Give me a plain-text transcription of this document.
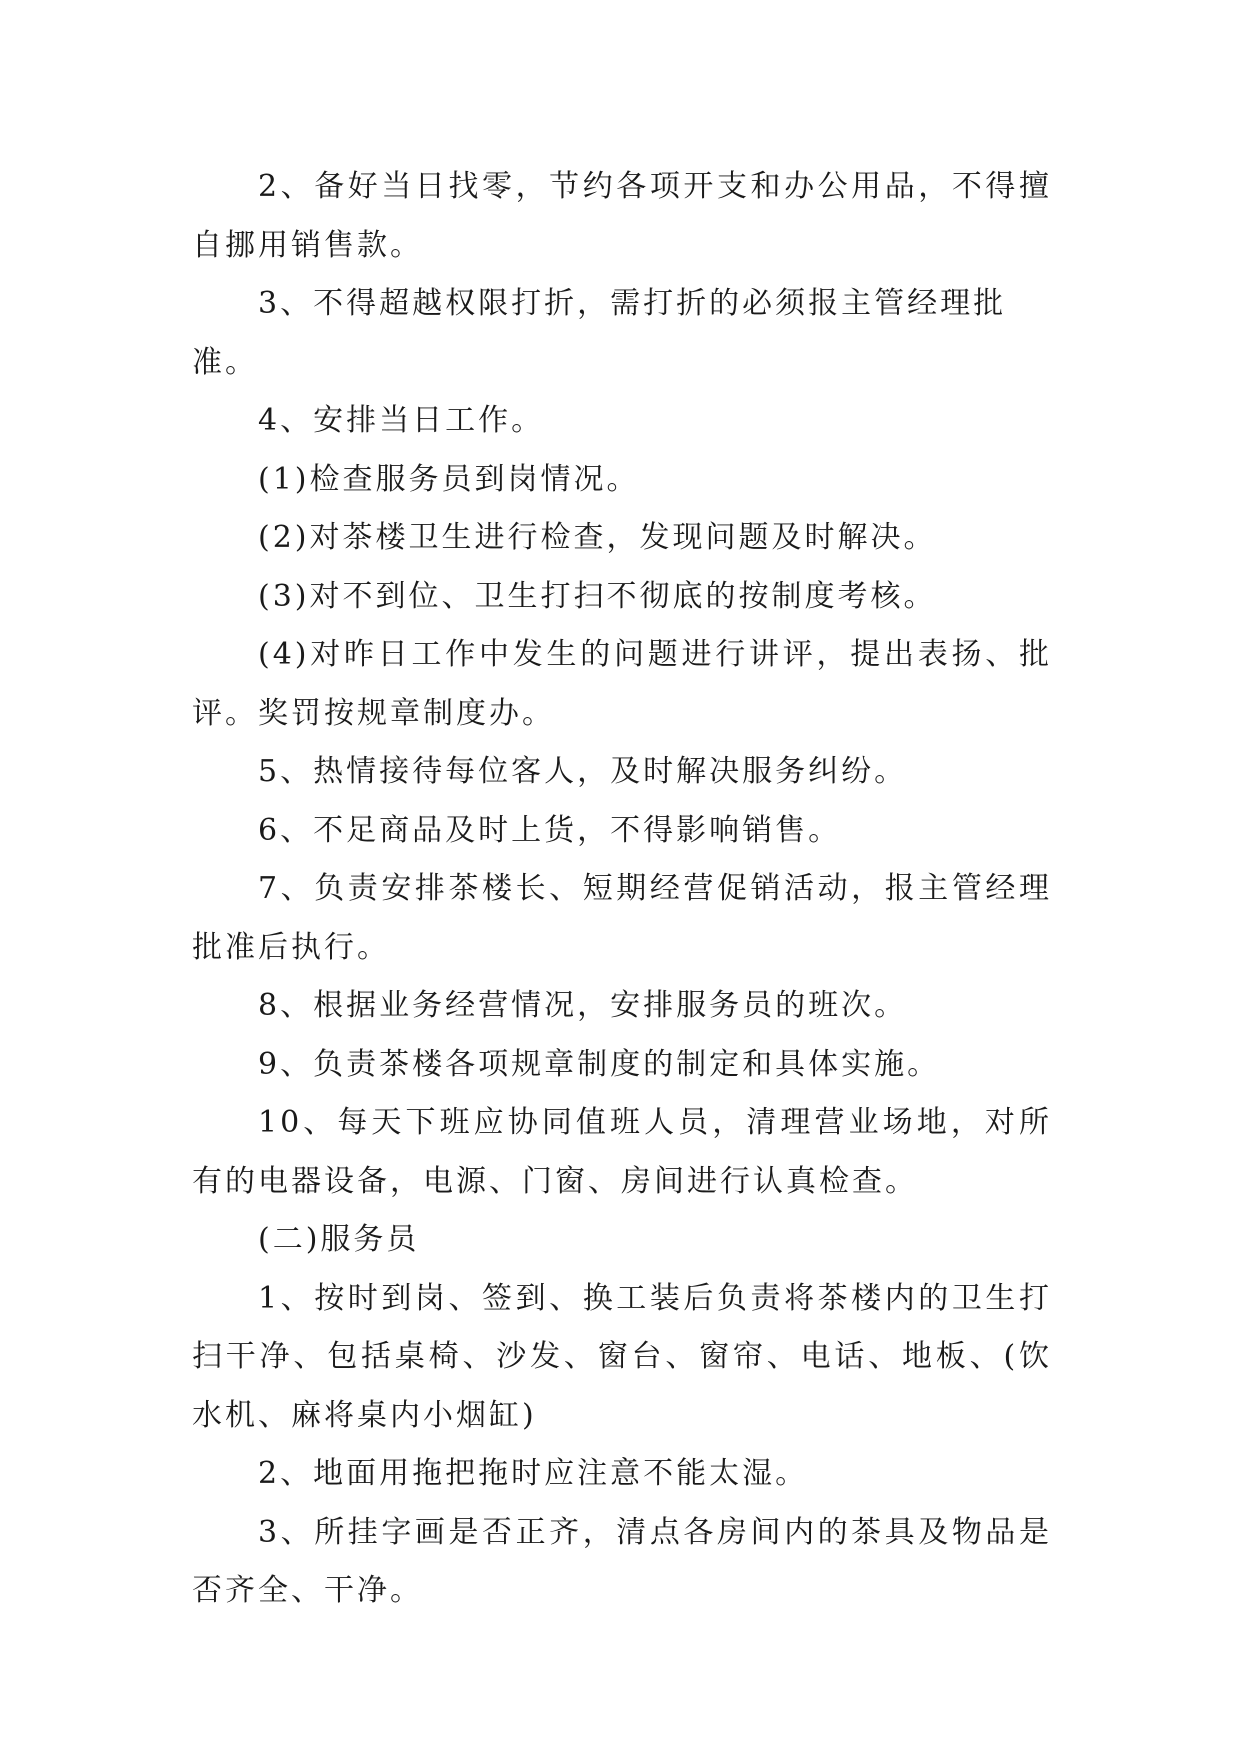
2、备好当日找零，节约各项开支和办公用品，不得擅自挪用销售款。

3、不得超越权限打折，需打折的必须报主管经理批准。

4、安排当日工作。

(1)检查服务员到岗情况。

(2)对茶楼卫生进行检查，发现问题及时解决。

(3)对不到位、卫生打扫不彻底的按制度考核。

(4)对昨日工作中发生的问题进行讲评，提出表扬、批评。奖罚按规章制度办。

5、热情接待每位客人，及时解决服务纠纷。

6、不足商品及时上货，不得影响销售。

7、负责安排茶楼长、短期经营促销活动，报主管经理批准后执行。

8、根据业务经营情况，安排服务员的班次。

9、负责茶楼各项规章制度的制定和具体实施。

10、每天下班应协同值班人员，清理营业场地，对所有的电器设备，电源、门窗、房间进行认真检查。

(二)服务员

1、按时到岗、签到、换工装后负责将茶楼内的卫生打扫干净、包括桌椅、沙发、窗台、窗帘、电话、地板、(饮水机、麻将桌内小烟缸)

2、地面用拖把拖时应注意不能太湿。

3、所挂字画是否正齐，清点各房间内的茶具及物品是否齐全、干净。
